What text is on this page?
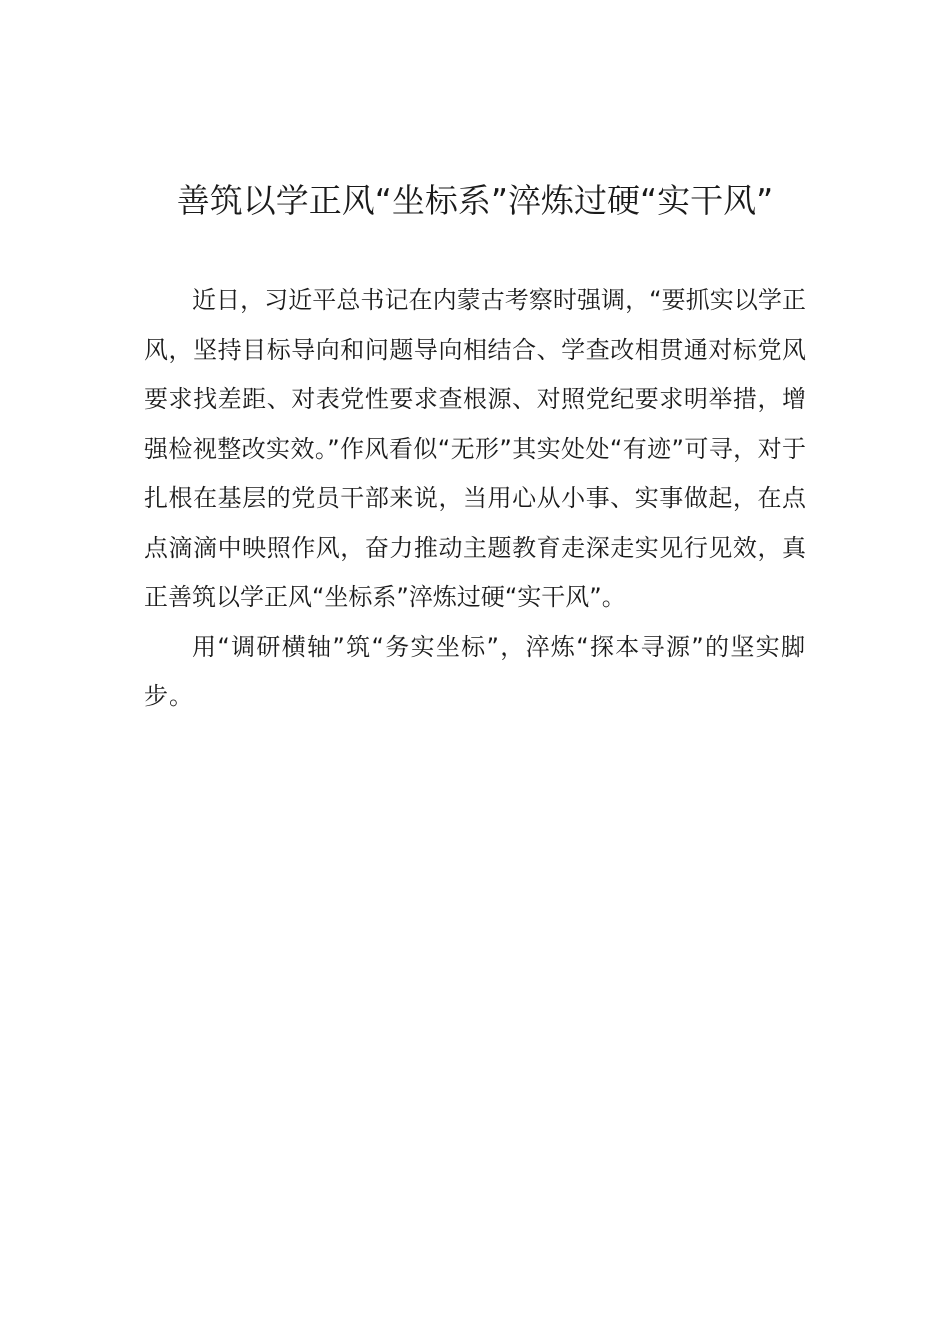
善筑以学正风“坐标系”淬炼过硬“实干风”

近日，习近平总书记在内蒙古考察时强调，“要抓实以学正风，坚持目标导向和问题导向相结合、学查改相贯通对标党风要求找差距、对表党性要求查根源、对照党纪要求明举措，增强检视整改实效。”作风看似“无形”其实处处“有迹”可寻，对于扎根在基层的党员干部来说，当用心从小事、实事做起，在点点滴滴中映照作风，奋力推动主题教育走深走实见行见效，真正善筑以学正风“坐标系”淬炼过硬“实干风”。

用“调研横轴”筑“务实坐标”，淬炼“探本寻源”的坚实脚步。
